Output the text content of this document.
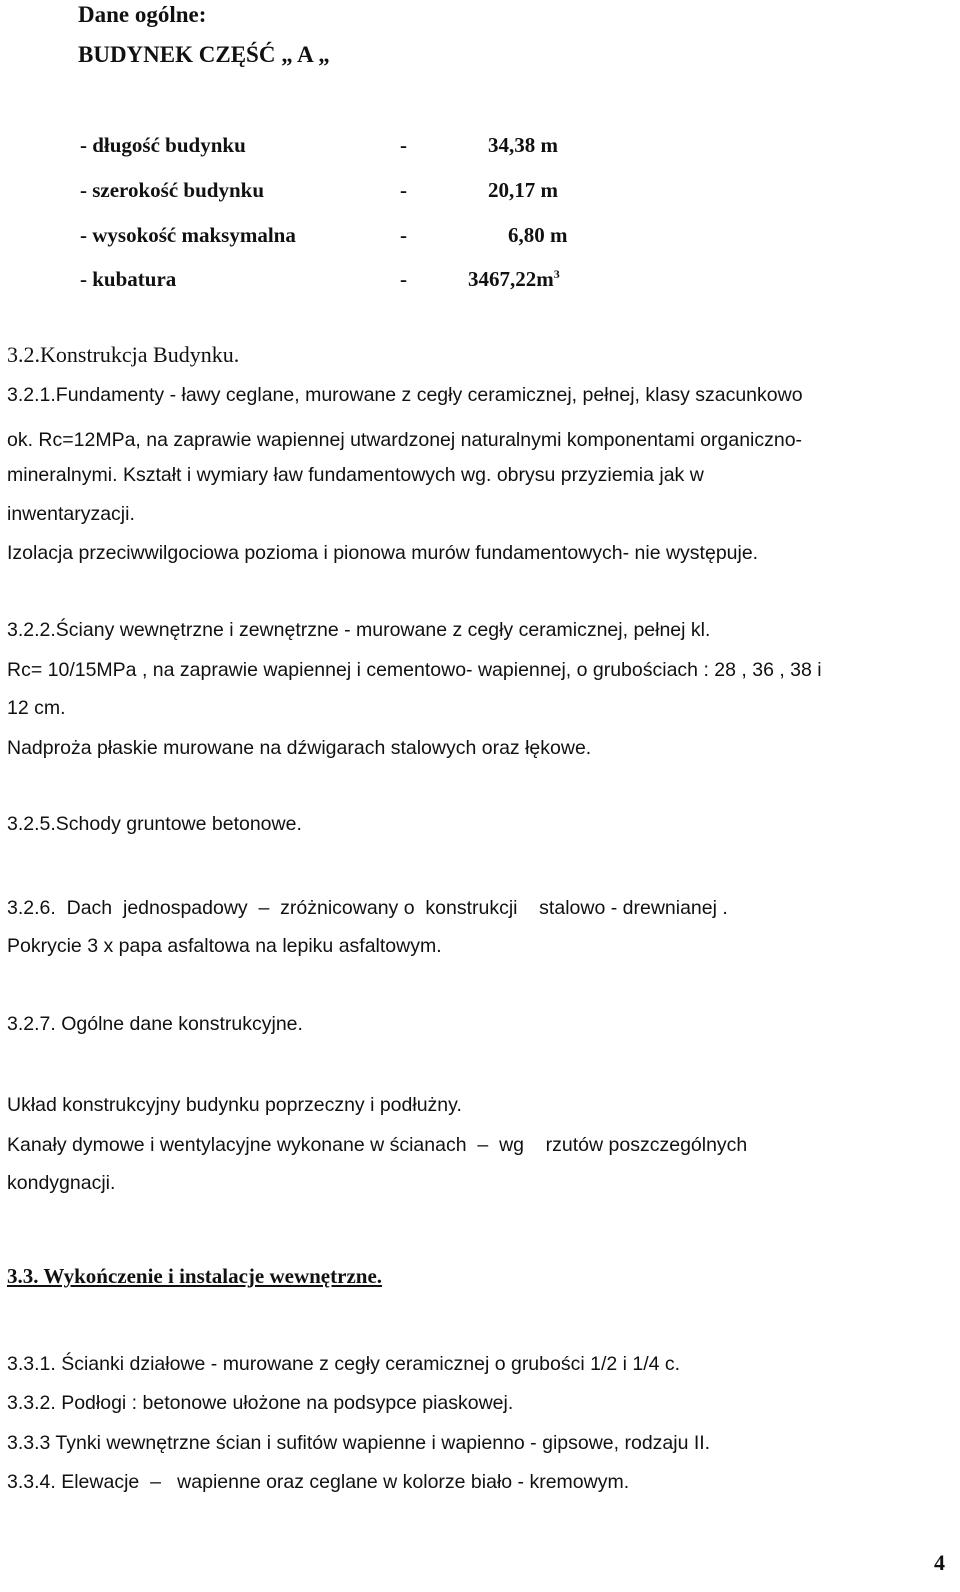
Dane ogólne:
BUDYNEK CZĘŚĆ „ A „
- długość budynku	-	34,38 m
- szerokość budynku	-	20,17 m
- wysokość maksymalna	-	6,80 m
- kubatura	-	$3467,22m^3$
3.2.Konstrukcja Budynku.
3.2.1.Fundamenty - ławy ceglane, murowane z cegły ceramicznej, pełnej, klasy szacunkowo
ok. Rc=12MPa, na zaprawie wapiennej utwardzonej naturalnymi komponentami organiczno-
mineralnymi. Kształt i wymiary ław fundamentowych wg. obrysu przyziemia jak w
inwentaryzacji.
Izolacja przeciwwilgociowa pozioma i pionowa murów fundamentowych- nie występuje.
3.2.2.Ściany wewnętrzne i zewnętrzne - murowane z cegły ceramicznej, pełnej kl.
Rc= 10/15MPa , na zaprawie wapiennej i cementowo- wapiennej, o grubościach : 28 , 36 , 38 i
12 cm.
Nadproża płaskie murowane na dźwigarach stalowych oraz łękowe.
3.2.5.Schody gruntowe betonowe.
3.2.6.  Dach  jednospadowy  –  zróżnicowany o  konstrukcji    stalowo - drewnianej .
Pokrycie 3 x papa asfaltowa na lepiku asfaltowym.
3.2.7. Ogólne dane konstrukcyjne.
Układ konstrukcyjny budynku poprzeczny i podłużny.
Kanały dymowe i wentylacyjne wykonane w ścianach  –  wg    rzutów poszczególnych
kondygnacji.
3.3. Wykończenie i instalacje wewnętrzne.
3.3.1. Ścianki działowe - murowane z cegły ceramicznej o grubości 1/2 i 1/4 c.
3.3.2. Podłogi : betonowe ułożone na podsypce piaskowej.
3.3.3 Tynki wewnętrzne ścian i sufitów wapienne i wapienno - gipsowe, rodzaju II.
3.3.4. Elewacje  –   wapienne oraz ceglane w kolorze biało - kremowym.
4
